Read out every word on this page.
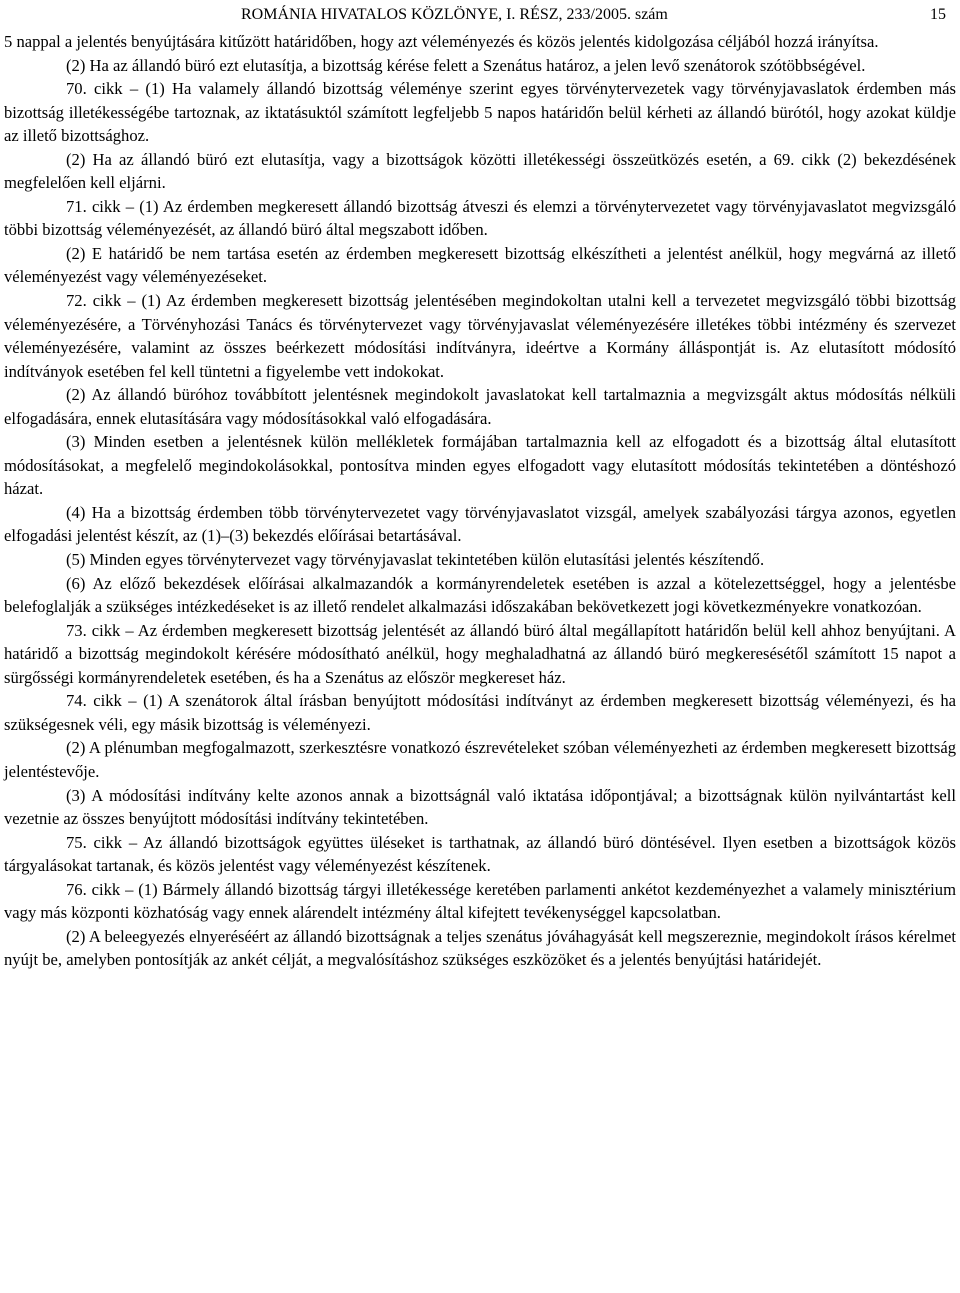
ROMÁNIA HIVATALOS KÖZLÖNYE, I. RÉSZ, 233/2005. szám	15

5 nappal a jelentés benyújtására kitűzött határidőben, hogy azt véleményezés és közös jelentés kidolgozása céljából hozzá irányítsa.

(2) Ha az állandó büró ezt elutasítja, a bizottság kérése felett a Szenátus határoz, a jelen levő szenátorok szótöbbségével.

70. cikk – (1) Ha valamely állandó bizottság véleménye szerint egyes törvénytervezetek vagy törvényjavaslatok érdemben más bizottság illetékességébe tartoznak, az iktatásuktól számított legfeljebb 5 napos határidőn belül kérheti az állandó bürótól, hogy azokat küldje az illető bizottsághoz.

(2) Ha az állandó büró ezt elutasítja, vagy a bizottságok közötti illetékességi összeütközés esetén, a 69. cikk (2) bekezdésének megfelelően kell eljárni.

71. cikk – (1) Az érdemben megkeresett állandó bizottság átveszi és elemzi a törvénytervezetet vagy törvényjavaslatot megvizsgáló többi bizottság véleményezését, az állandó büró által megszabott időben.

(2) E határidő be nem tartása esetén az érdemben megkeresett bizottság elkészítheti a jelentést anélkül, hogy megvárná az illető véleményezést vagy véleményezéseket.

72. cikk – (1) Az érdemben megkeresett bizottság jelentésében megindokoltan utalni kell a tervezetet megvizsgáló többi bizottság véleményezésére, a Törvényhozási Tanács és törvénytervezet vagy törvényjavaslat véleményezésére illetékes többi intézmény és szervezet véleményezésére, valamint az összes beérkezett módosítási indítványra, ideértve a Kormány álláspontját is. Az elutasított módosító indítványok esetében fel kell tüntetni a figyelembe vett indokokat.

(2) Az állandó büróhoz továbbított jelentésnek megindokolt javaslatokat kell tartalmaznia a megvizsgált aktus módosítás nélküli elfogadására, ennek elutasítására vagy módosításokkal való elfogadására.

(3) Minden esetben a jelentésnek külön mellékletek formájában tartalmaznia kell az elfogadott és a bizottság által elutasított módosításokat, a megfelelő megindokolásokkal, pontosítva minden egyes elfogadott vagy elutasított módosítás tekintetében a döntéshozó házat.

(4) Ha a bizottság érdemben több törvénytervezetet vagy törvényjavaslatot vizsgál, amelyek szabályozási tárgya azonos, egyetlen elfogadási jelentést készít, az (1)–(3) bekezdés előírásai betartásával.

(5) Minden egyes törvénytervezet vagy törvényjavaslat tekintetében külön elutasítási jelentés készítendő.

(6) Az előző bekezdések előírásai alkalmazandók a kormányrendeletek esetében is azzal a kötelezettséggel, hogy a jelentésbe belefoglalják a szükséges intézkedéseket is az illető rendelet alkalmazási időszakában bekövetkezett jogi következményekre vonatkozóan.

73. cikk – Az érdemben megkeresett bizottság jelentését az állandó büró által megállapított határidőn belül kell ahhoz benyújtani. A határidő a bizottság megindokolt kérésére módosítható anélkül, hogy meghaladhatná az állandó büró megkeresésétől számított 15 napot a sürgősségi kormányrendeletek esetében, és ha a Szenátus az először megkereset ház.

74. cikk – (1) A szenátorok által írásban benyújtott módosítási indítványt az érdemben megkeresett bizottság véleményezi, és ha szükségesnek véli, egy másik bizottság is véleményezi.

(2) A plénumban megfogalmazott, szerkesztésre vonatkozó észrevételeket szóban véleményezheti az érdemben megkeresett bizottság jelentéstevője.

(3) A módosítási indítvány kelte azonos annak a bizottságnál való iktatása időpontjával; a bizottságnak külön nyilvántartást kell vezetnie az összes benyújtott módosítási indítvány tekintetében.

75. cikk – Az állandó bizottságok együttes üléseket is tarthatnak, az állandó büró döntésével. Ilyen esetben a bizottságok közös tárgyalásokat tartanak, és közös jelentést vagy véleményezést készítenek.

76. cikk – (1) Bármely állandó bizottság tárgyi illetékessége keretében parlamenti ankétot kezdeményezhet a valamely minisztérium vagy más központi közhatóság vagy ennek alárendelt intézmény által kifejtett tevékenységgel kapcsolatban.

(2) A beleegyezés elnyeréséért az állandó bizottságnak a teljes szenátus jóváhagyását kell megszereznie, megindokolt írásos kérelmet nyújt be, amelyben pontosítják az ankét célját, a megvalósításhoz szükséges eszközöket és a jelentés benyújtási határidejét.
